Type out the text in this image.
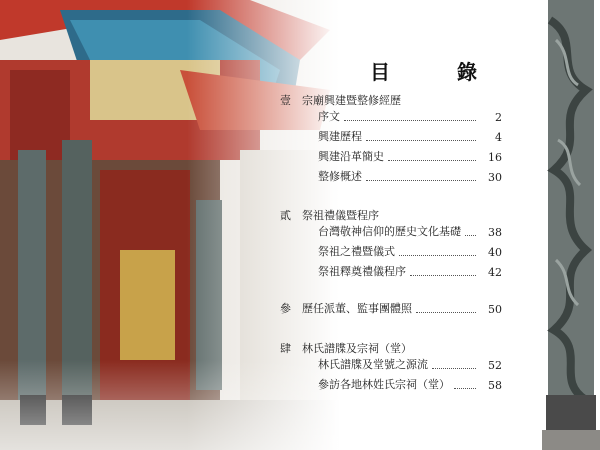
目 錄
壹 宗廟興建暨整修經歷
序文	2
興建歷程	4
興建沿革簡史	16
整修概述	30
貳 祭祖禮儀暨程序
台灣敬神信仰的歷史文化基礎	38
祭祖之禮暨儀式	40
祭祖釋奠禮儀程序	42
參	歷任派董、監事團體照	50
肆 林氏譜牒及宗祠（堂）
林氏譜牒及堂號之源流	52
參訪各地林姓氏宗祠（堂）	58
